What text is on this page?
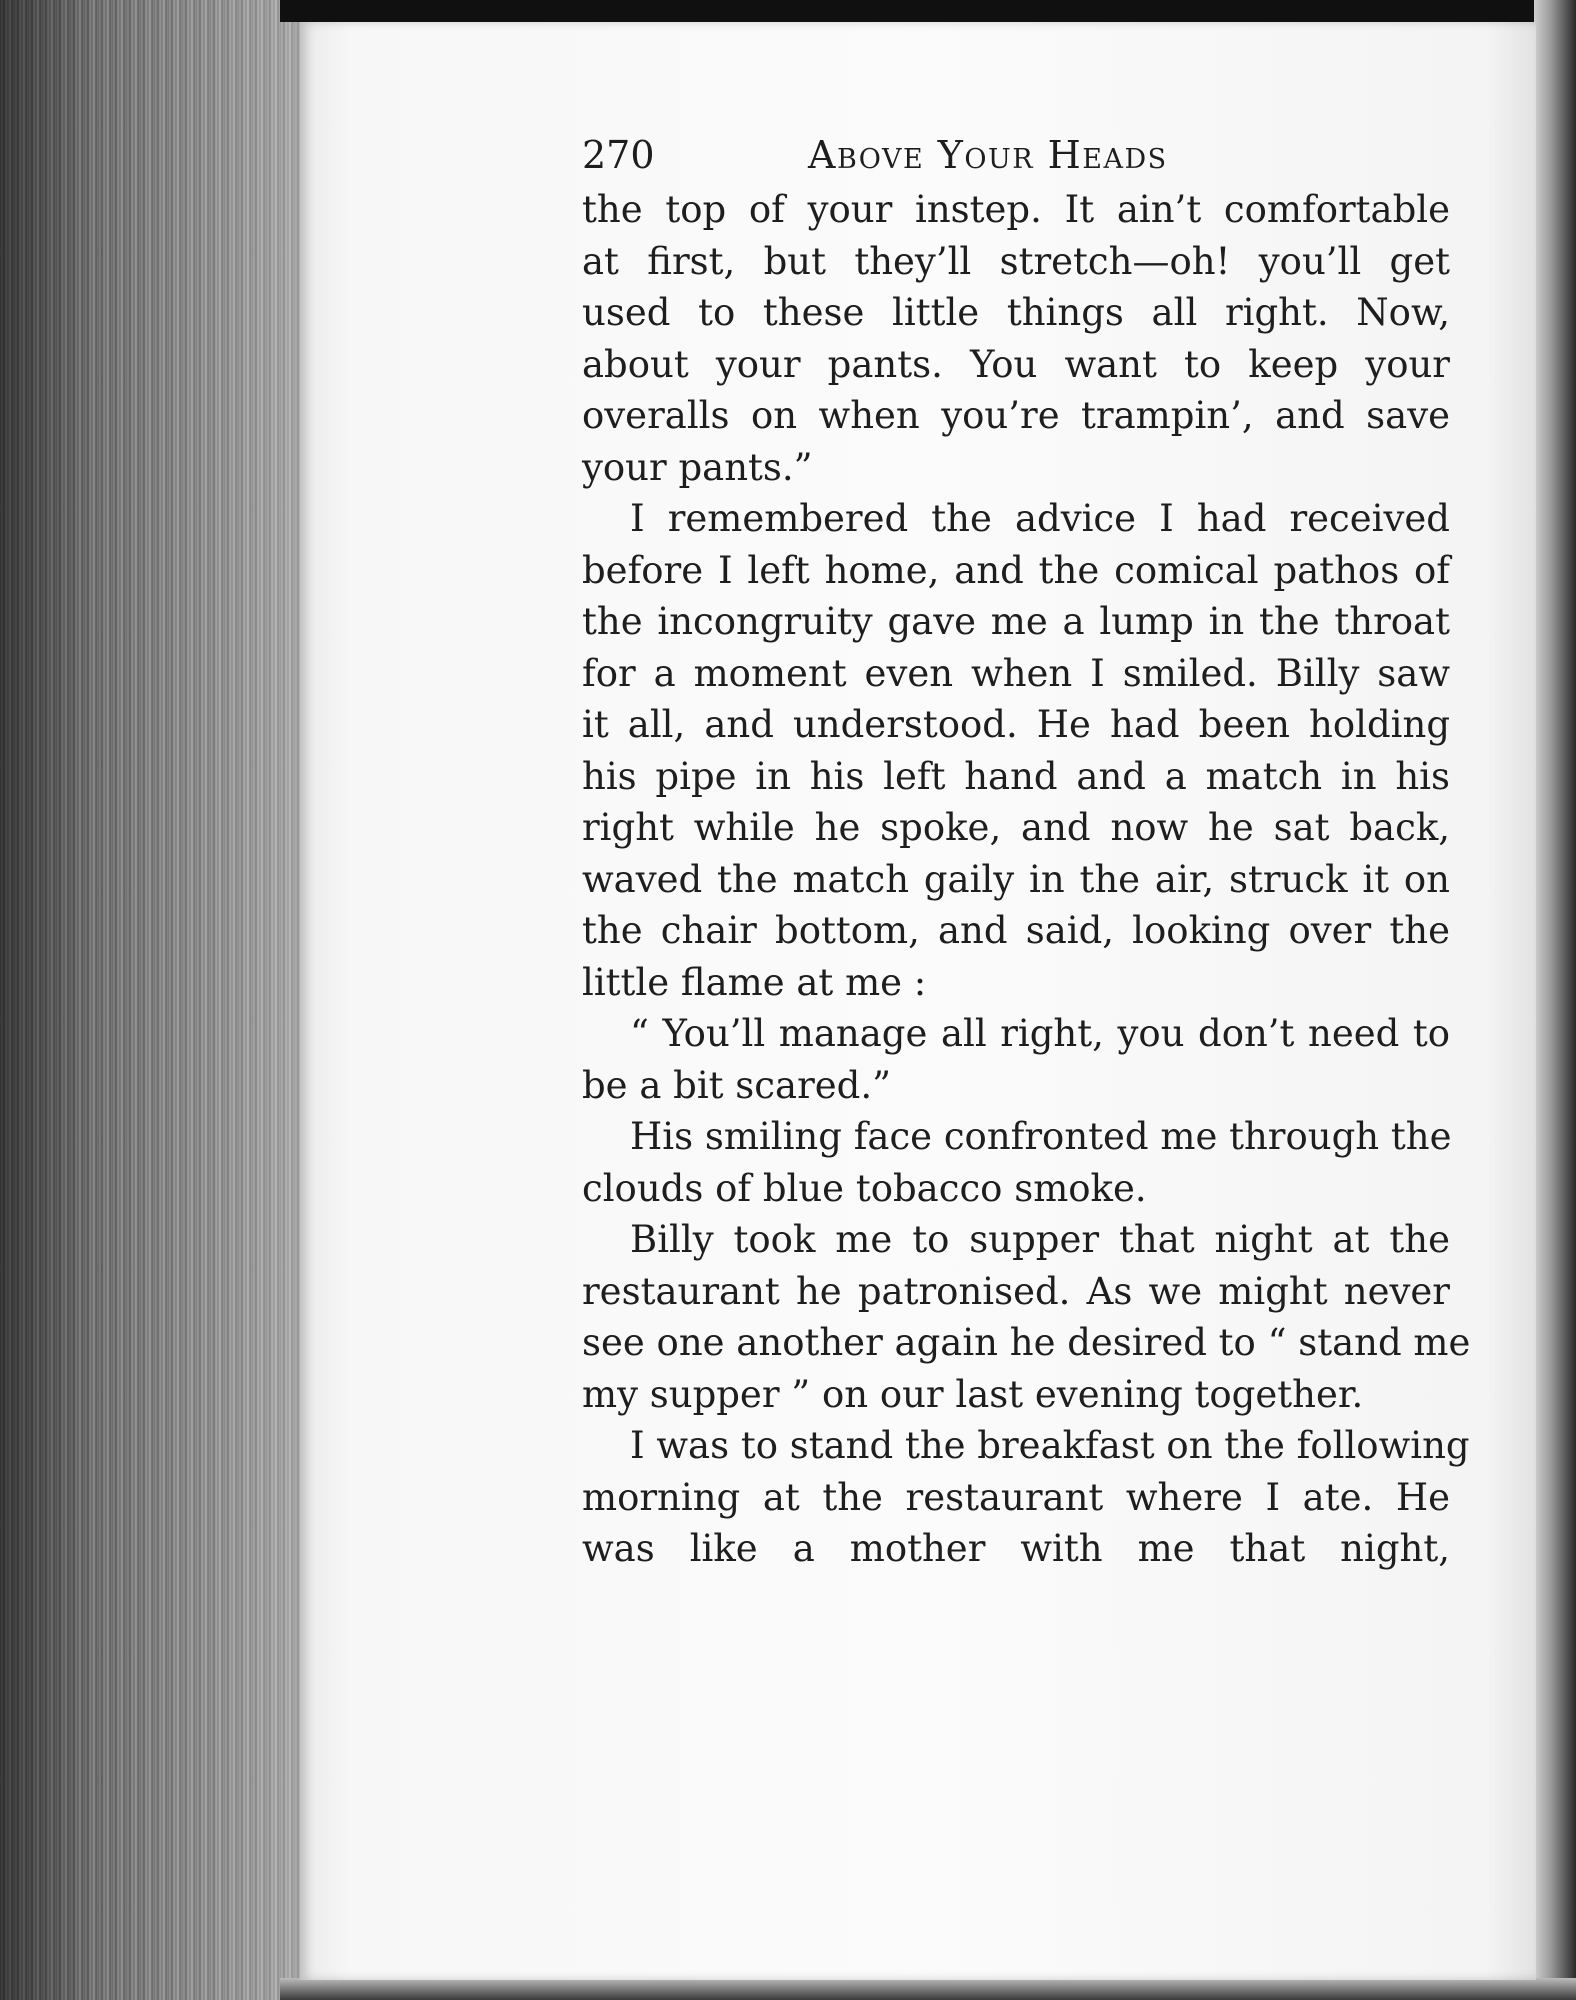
270	Above Your Heads
the top of your instep. It ain’t comfortable
at first, but they’ll stretch—oh! you’ll get
used to these little things all right. Now,
about your pants. You want to keep your
overalls on when you’re trampin’, and save
your pants.”
I remembered the advice I had received
before I left home, and the comical pathos of
the incongruity gave me a lump in the throat
for a moment even when I smiled. Billy saw
it all, and understood. He had been holding
his pipe in his left hand and a match in his
right while he spoke, and now he sat back,
waved the match gaily in the air, struck it on
the chair bottom, and said, looking over the
little flame at me :
“ You’ll manage all right, you don’t need to
be a bit scared.”
His smiling face confronted me through the
clouds of blue tobacco smoke.
Billy took me to supper that night at the
restaurant he patronised. As we might never
see one another again he desired to “ stand me
my supper ” on our last evening together.
I was to stand the breakfast on the following
morning at the restaurant where I ate. He
was like a mother with me that night,
